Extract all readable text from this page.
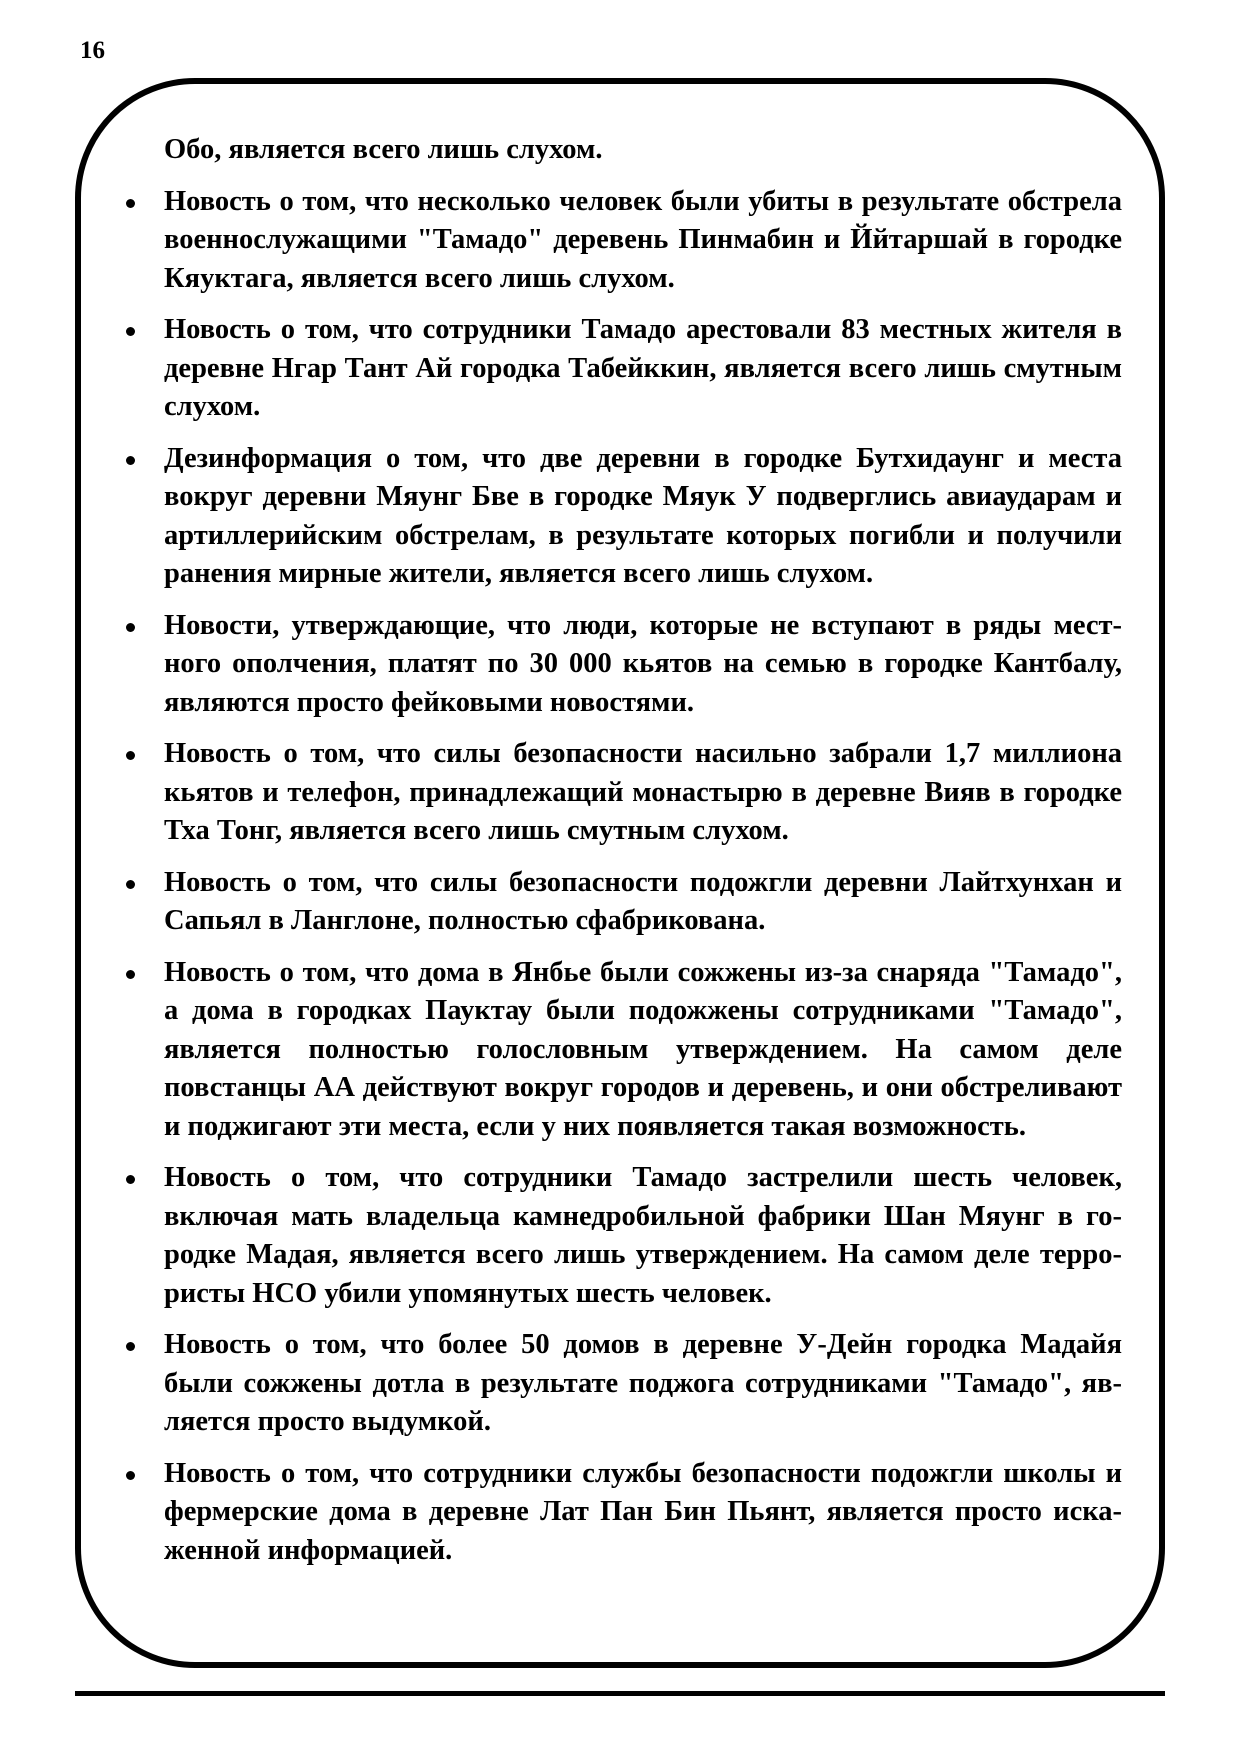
16

Обо, является всего лишь слухом.

Новость о том, что несколько человек были убиты в результате обстрела военнослужащими "Тамадо" деревень Пинмабин и Ййтаршай в городке Кяуктага, является всего лишь слухом.
Новость о том, что сотрудники Тамадо арестовали 83 местных жителя в деревне Нгар Тант Ай городка Табейккин, является всего лишь смутным слухом.
Дезинформация о том, что две деревни в городке Бутхидаунг и места вокруг деревни Мяунг Бве в городке Мяук У подверглись авиаударам и артиллерийским обстрелам, в результате которых погибли и получили ранения мирные жители, является всего лишь слухом.
Новости, утверждающие, что люди, которые не вступают в ряды местного ополчения, платят по 30 000 кьятов на семью в городке Кантбалу, являются просто фейковыми новостями.
Новость о том, что силы безопасности насильно забрали 1,7 миллиона кьятов и телефон, принадлежащий монастырю в деревне Вияв в городке Тха Тонг, является всего лишь смутным слухом.
Новость о том, что силы безопасности подожгли деревни Лайтхунхан и Сапьял в Ланглоне, полностью сфабрикована.
Новость о том, что дома в Янбье были сожжены из-за снаряда "Тамадо", а дома в городках Пауктау были подожжены сотрудниками "Тамадо", является полностью голословным утверждением. На самом деле повстанцы АА действуют вокруг городов и деревень, и они обстреливают и поджигают эти места, если у них появляется такая возможность.
Новость о том, что сотрудники Тамадо застрелили шесть человек, включая мать владельца камнедробильной фабрики Шан Мяунг в городке Мадая, является всего лишь утверждением. На самом деле террористы НСО убили упомянутых шесть человек.
Новость о том, что более 50 домов в деревне У-Дейн городка Мадайя были сожжены дотла в результате поджога сотрудниками "Тамадо", является просто выдумкой.
Новость о том, что сотрудники службы безопасности подожгли школы и фермерские дома в деревне Лат Пан Бин Пьянт, является просто искаженной информацией.
